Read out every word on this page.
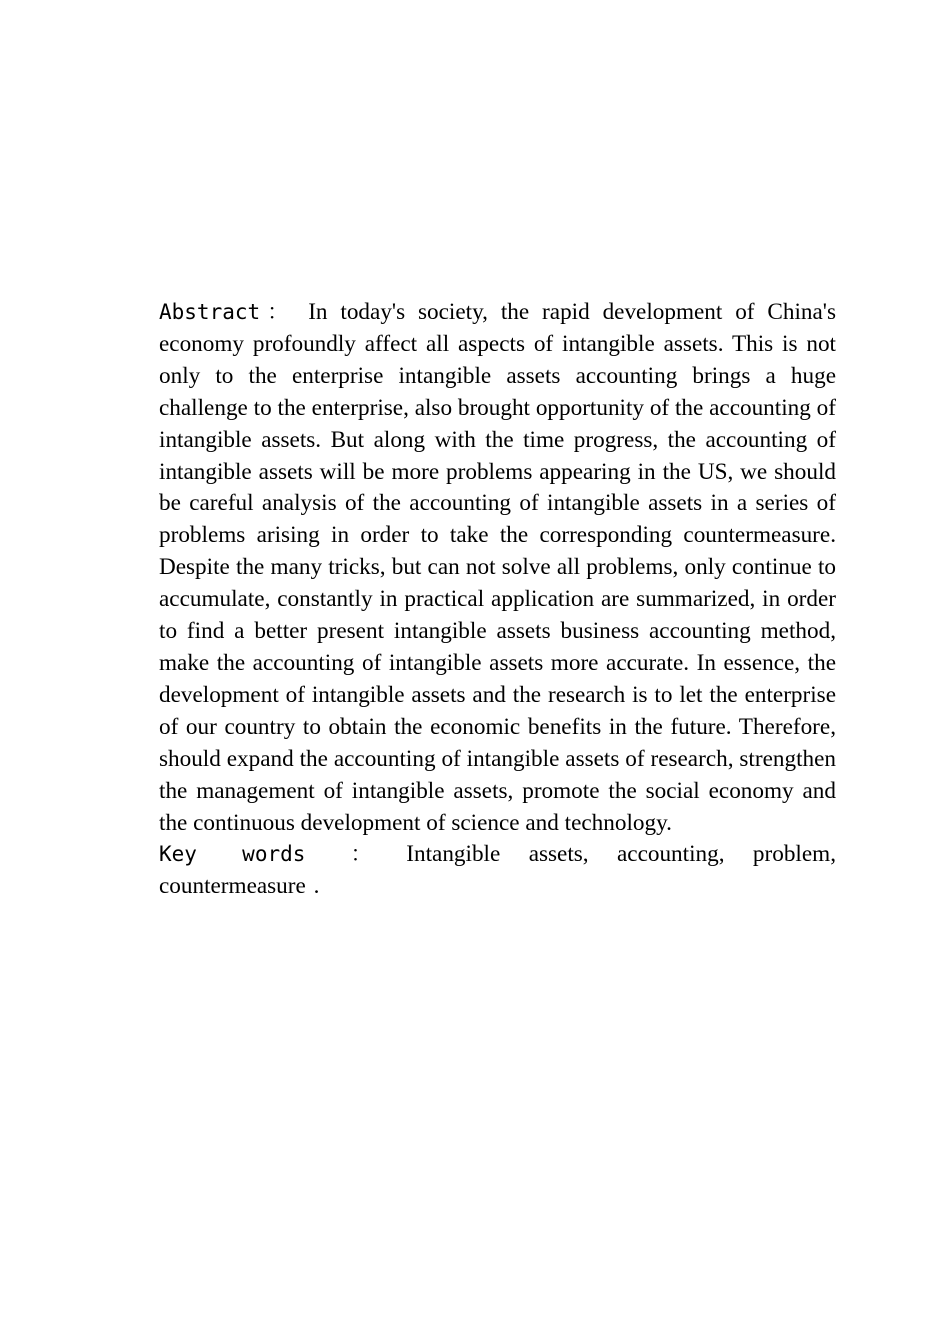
Abstract： In today's society, the rapid development of China's economy profoundly affect all aspects of intangible assets. This is not only to the enterprise intangible assets accounting brings a huge challenge to the enterprise, also brought opportunity of the accounting of intangible assets. But along with the time progress, the accounting of intangible assets will be more problems appearing in the US, we should be careful analysis of the accounting of intangible assets in a series of problems arising in order to take the corresponding countermeasure. Despite the many tricks, but can not solve all problems, only continue to accumulate, constantly in practical application are summarized, in order to find a better present intangible assets business accounting method, make the accounting of intangible assets more accurate. In essence, the development of intangible assets and the research is to let the enterprise of our country to obtain the economic benefits in the future. Therefore, should expand the accounting of intangible assets of research, strengthen the management of intangible assets, promote the social economy and the continuous development of science and technology.

Key words ： Intangible assets, accounting, problem, countermeasure .
